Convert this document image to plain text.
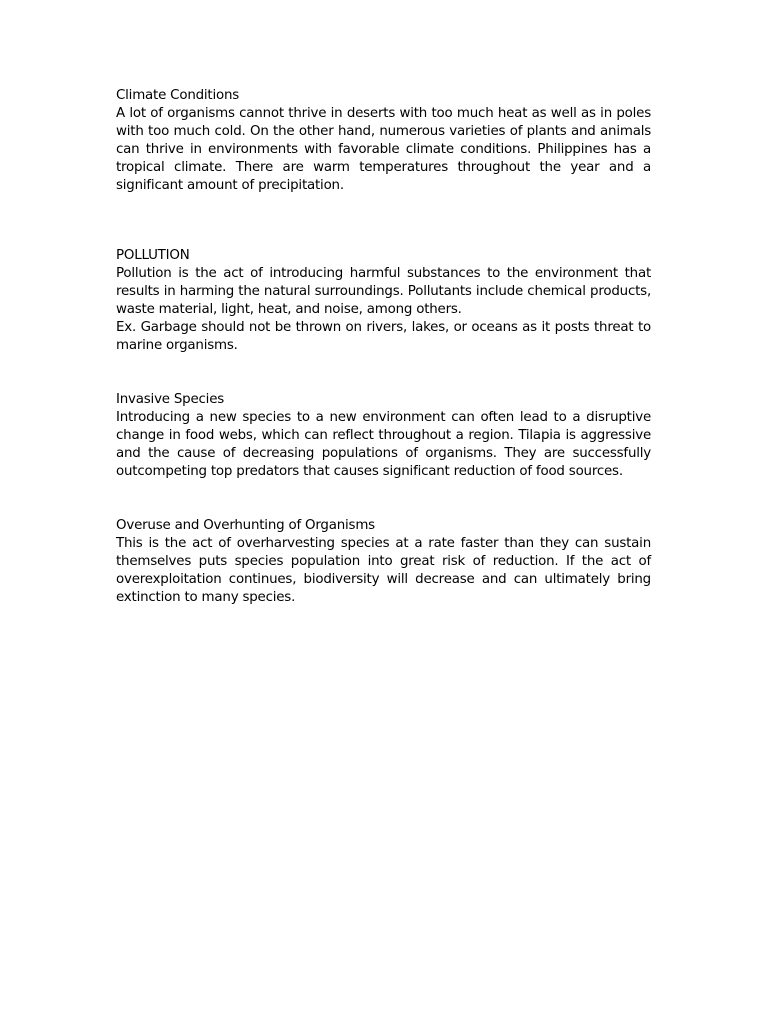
Climate Conditions

A lot of organisms cannot thrive in deserts with too much heat as well as in poles with too much cold. On the other hand, numerous varieties of plants and animals can thrive in environments with favorable climate conditions. Philippines has a tropical climate. There are warm temperatures throughout the year and a significant amount of precipitation.

POLLUTION

Pollution is the act of introducing harmful substances to the environment that results in harming the natural surroundings. Pollutants include chemical products, waste material, light, heat, and noise, among others.

Ex. Garbage should not be thrown on rivers, lakes, or oceans as it posts threat to marine organisms.

Invasive Species

Introducing a new species to a new environment can often lead to a disruptive change in food webs, which can reflect throughout a region. Tilapia is aggressive and the cause of decreasing populations of organisms. They are successfully outcompeting top predators that causes significant reduction of food sources.

Overuse and Overhunting of Organisms

This is the act of overharvesting species at a rate faster than they can sustain themselves puts species population into great risk of reduction. If the act of overexploitation continues, biodiversity will decrease and can ultimately bring extinction to many species.
